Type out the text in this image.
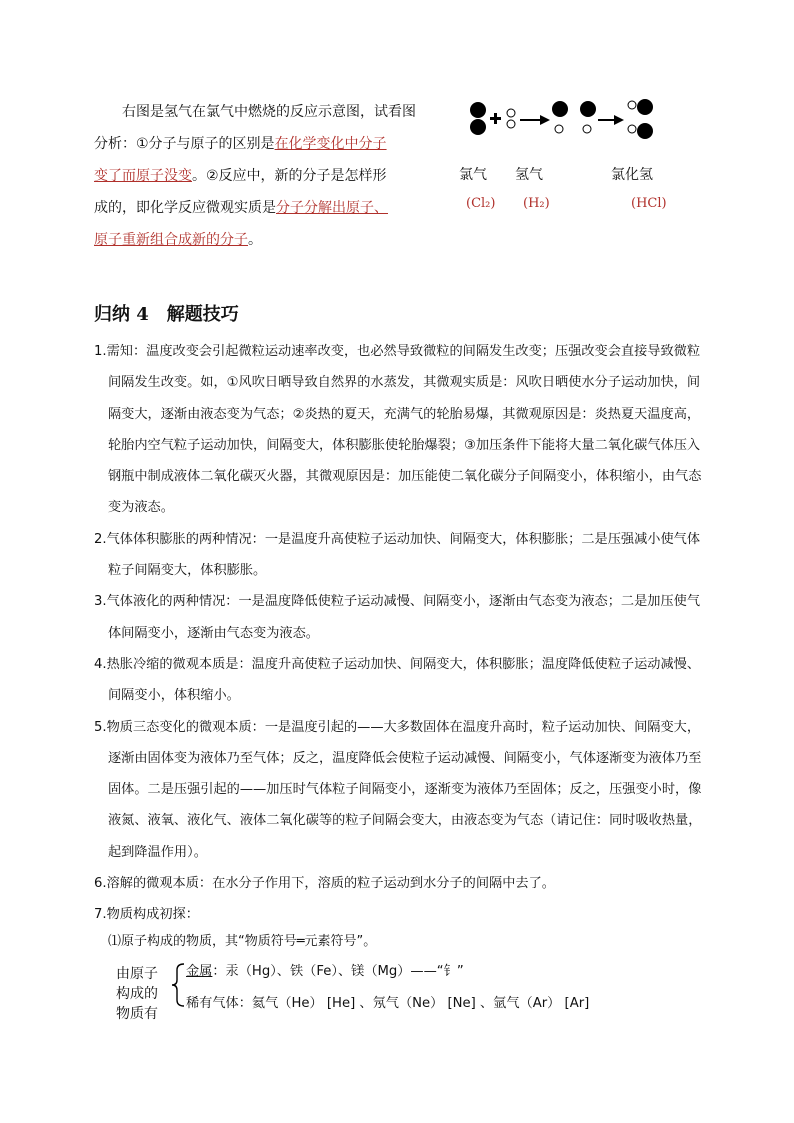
右图是氢气在氯气中燃烧的反应示意图，试看图
分析：①分子与原子的区别是在化学变化中分子
变了而原子没变。②反应中，新的分子是怎样形
成的，即化学反应微观实质是分子分解出原子、
原子重新组合成新的分子。
氯气 氢气	氯化氢
(Cl₂) (H₂)	(HCl)
归纳 4　解题技巧
1.需知：温度改变会引起微粒运动速率改变，也必然导致微粒的间隔发生改变；压强改变会直接导致微粒间隔发生改变。如，①风吹日晒导致自然界的水蒸发，其微观实质是：风吹日晒使水分子运动加快，间隔变大，逐渐由液态变为气态；②炎热的夏天，充满气的轮胎易爆，其微观原因是：炎热夏天温度高，轮胎内空气粒子运动加快，间隔变大，体积膨胀使轮胎爆裂；③加压条件下能将大量二氧化碳气体压入钢瓶中制成液体二氧化碳灭火器，其微观原因是：加压能使二氧化碳分子间隔变小，体积缩小，由气态变为液态。
2.气体体积膨胀的两种情况：一是温度升高使粒子运动加快、间隔变大，体积膨胀；二是压强减小使气体粒子间隔变大，体积膨胀。
3.气体液化的两种情况：一是温度降低使粒子运动减慢、间隔变小，逐渐由气态变为液态；二是加压使气体间隔变小，逐渐由气态变为液态。
4.热胀冷缩的微观本质是：温度升高使粒子运动加快、间隔变大，体积膨胀；温度降低使粒子运动减慢、间隔变小，体积缩小。
5.物质三态变化的微观本质：一是温度引起的——大多数固体在温度升高时，粒子运动加快、间隔变大，逐渐由固体变为液体乃至气体；反之，温度降低会使粒子运动减慢、间隔变小，气体逐渐变为液体乃至固体。二是压强引起的——加压时气体粒子间隔变小，逐渐变为液体乃至固体；反之，压强变小时，像液氮、液氧、液化气、液体二氧化碳等的粒子间隔会变大，由液态变为气态（请记住：同时吸收热量，起到降温作用）。
6.溶解的微观本质：在水分子作用下，溶质的粒子运动到水分子的间隔中去了。
7.物质构成初探：
⑴原子构成的物质，其“物质符号═元素符号”。
由原子构成的物质有
金属：汞（Hg）、铁（Fe）、镁（Mg）——“钅”
稀有气体：氦气（He） [He] 、氖气（Ne） [Ne] 、氩气（Ar） [Ar]
